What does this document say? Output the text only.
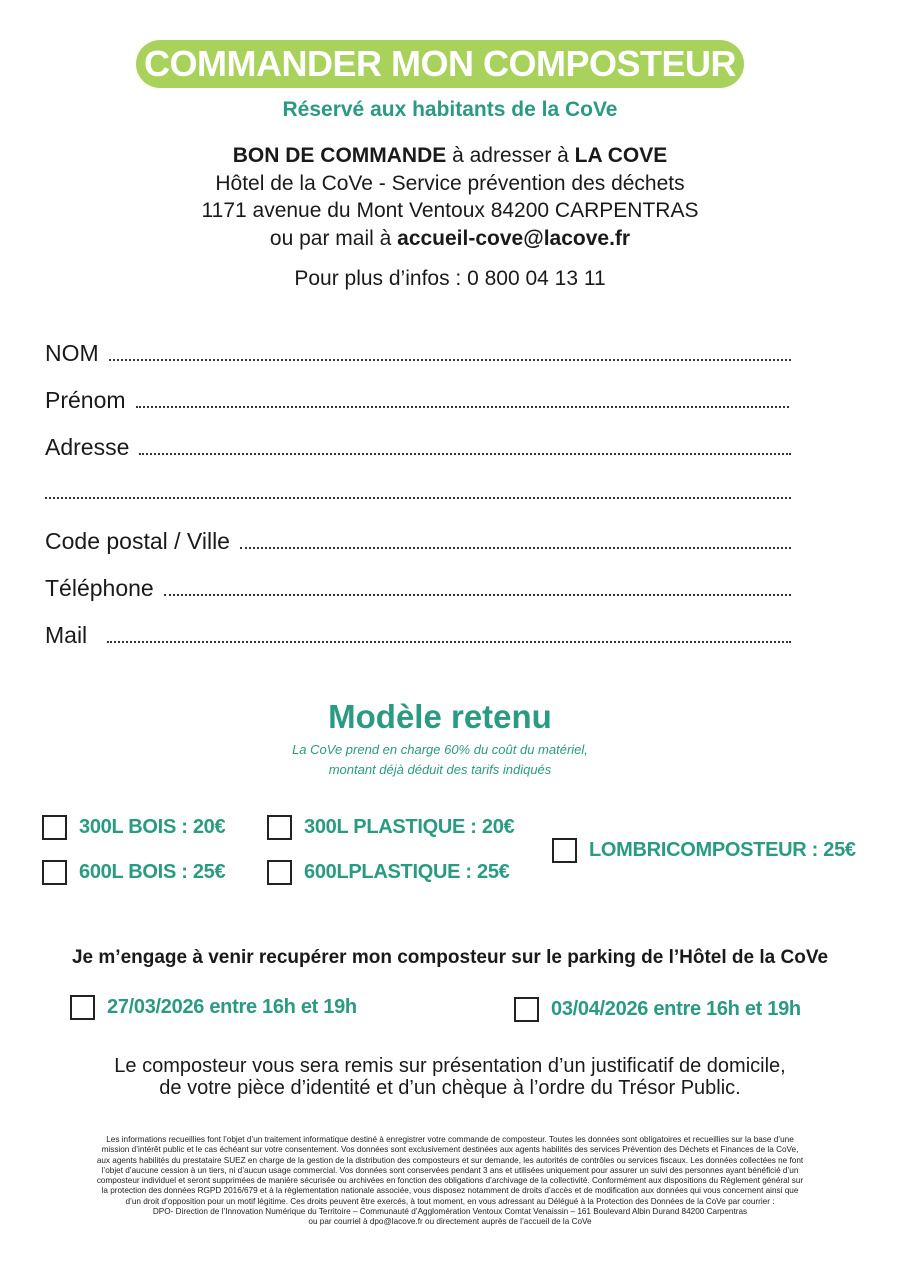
COMMANDER MON COMPOSTEUR
Réservé aux habitants de la CoVe
BON DE COMMANDE à adresser à LA COVE
Hôtel de la CoVe - Service prévention des déchets
1171 avenue du Mont Ventoux 84200 CARPENTRAS
ou par mail à accueil-cove@lacove.fr
Pour plus d’infos : 0 800 04 13 11
NOM
Prénom
Adresse
Code postal / Ville
Téléphone
Mail
Modèle retenu
La CoVe prend en charge 60% du coût du matériel,
montant déjà déduit des tarifs indiqués
300L BOIS : 20€
600L BOIS : 25€
300L PLASTIQUE : 20€
600LPLASTIQUE : 25€
LOMBRICOMPOSTEUR : 25€
Je m’engage à venir recupérer mon composteur sur le parking de l’Hôtel de la CoVe
27/03/2026 entre 16h et 19h	03/04/2026 entre 16h et 19h
Le composteur vous sera remis sur présentation d’un justificatif de domicile,
de votre pièce d’identité et d’un chèque à l’ordre du Trésor Public.
Les informations recueillies font l’objet d’un traitement informatique destiné à enregistrer votre commande de composteur. Toutes les données sont obligatoires et recueillies sur la base d’une
mission d’intérêt public et le cas échéant sur votre consentement. Vos données sont exclusivement destinées aux agents habilités des services Prévention des Déchets et Finances de la CoVe,
aux agents habilités du prestataire SUEZ en charge de la gestion de la distribution des composteurs et sur demande, les autorités de contrôles ou services fiscaux. Les données collectées ne font
l’objet d’aucune cession à un tiers, ni d’aucun usage commercial. Vos données sont conservées pendant 3 ans et utilisées uniquement pour assurer un suivi des personnes ayant bénéficié d’un
composteur individuel et seront supprimées de manière sécurisée ou archivées en fonction des obligations d’archivage de la collectivité. Conformément aux dispositions du Règlement général sur
la protection des données RGPD 2016/679 et à la règlementation nationale associée, vous disposez notamment de droits d’accès et de modification aux données qui vous concernent ainsi que
d’un droit d’opposition pour un motif légitime. Ces droits peuvent être exercés, à tout moment, en vous adressant au Délégué à la Protection des Données de la CoVe par courrier :
DPO- Direction de l’Innovation Numérique du Territoire – Communauté d’Agglomération Ventoux Comtat Venaissin – 161 Boulevard Albin Durand 84200 Carpentras
ou par courriel à dpo@lacove.fr ou directement auprès de l’accueil de la CoVe
